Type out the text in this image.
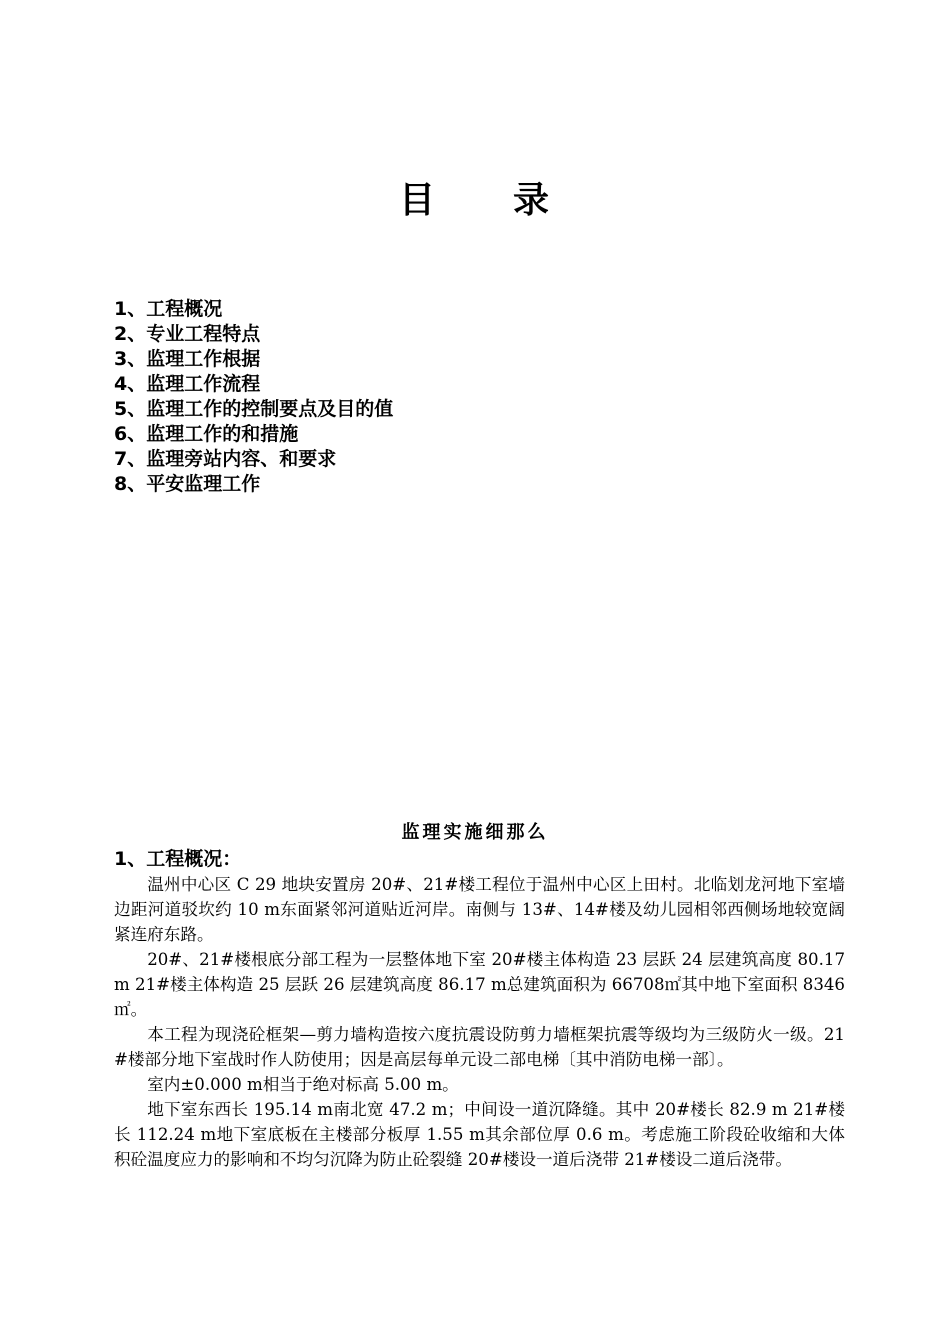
目　　录
1、工程概况
2、专业工程特点
3、监理工作根据
4、监理工作流程
5、监理工作的控制要点及目的值
6、监理工作的和措施
7、监理旁站内容、和要求
8、平安监理工作
监理实施细那么
1、工程概况：

温州中心区 C 29 地块安置房 20#、21#楼工程位于温州中心区上田村。北临划龙河地下室墙边距河道驳坎约 10 m东面紧邻河道贴近河岸。南侧与 13#、14#楼及幼儿园相邻西侧场地较宽阔紧连府东路。

20#、21#楼根底分部工程为一层整体地下室 20#楼主体构造 23 层跃 24 层建筑高度 80.17 m 21#楼主体构造 25 层跃 26 层建筑高度 86.17 m总建筑面积为 66708㎡其中地下室面积 8346㎡。

本工程为现浇砼框架—剪力墙构造按六度抗震设防剪力墙框架抗震等级均为三级防火一级。21#楼部分地下室战时作人防使用；因是高层每单元设二部电梯〔其中消防电梯一部〕。

室内±0.000 m相当于绝对标高 5.00 m。

地下室东西长 195.14 m南北宽 47.2 m；中间设一道沉降缝。其中 20#楼长 82.9 m 21#楼长 112.24 m地下室底板在主楼部分板厚 1.55 m其余部位厚 0.6 m。考虑施工阶段砼收缩和大体积砼温度应力的影响和不均匀沉降为防止砼裂缝 20#楼设一道后浇带 21#楼设二道后浇带。
